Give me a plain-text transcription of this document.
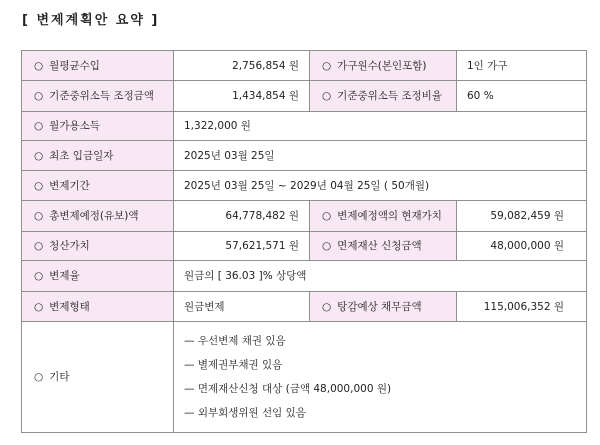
[ 변제계획안 요약 ]
○ 월평균수입	2,756,854 원	○ 가구원수(본인포함)	1인 가구
○ 기준중위소득 조정금액	1,434,854 원	○ 기준중위소득 조정비율	60 %
○ 월가용소득	1,322,000 원		
○ 최초 입금일자	2025년 03월 25일		
○ 변제기간	2025년 03월 25일 ~ 2029년 04월 25일 ( 50개월)		
○ 총변제예정(유보)액	64,778,482 원	○ 변제예정액의 현재가치	59,082,459 원
○ 청산가치	57,621,571 원	○ 면제재산 신청금액	48,000,000 원
○ 변제율	원금의 [ 36.03 ]% 상당액		
○ 변제형태	원금변제	○ 탕감예상 채무금액	115,006,352 원
○ 기타	— 우선변제 채권 있음
— 별제권부채권 있음
— 면제재산신청 대상 (금액 48,000,000 원)
— 외부회생위원 선임 있음		
